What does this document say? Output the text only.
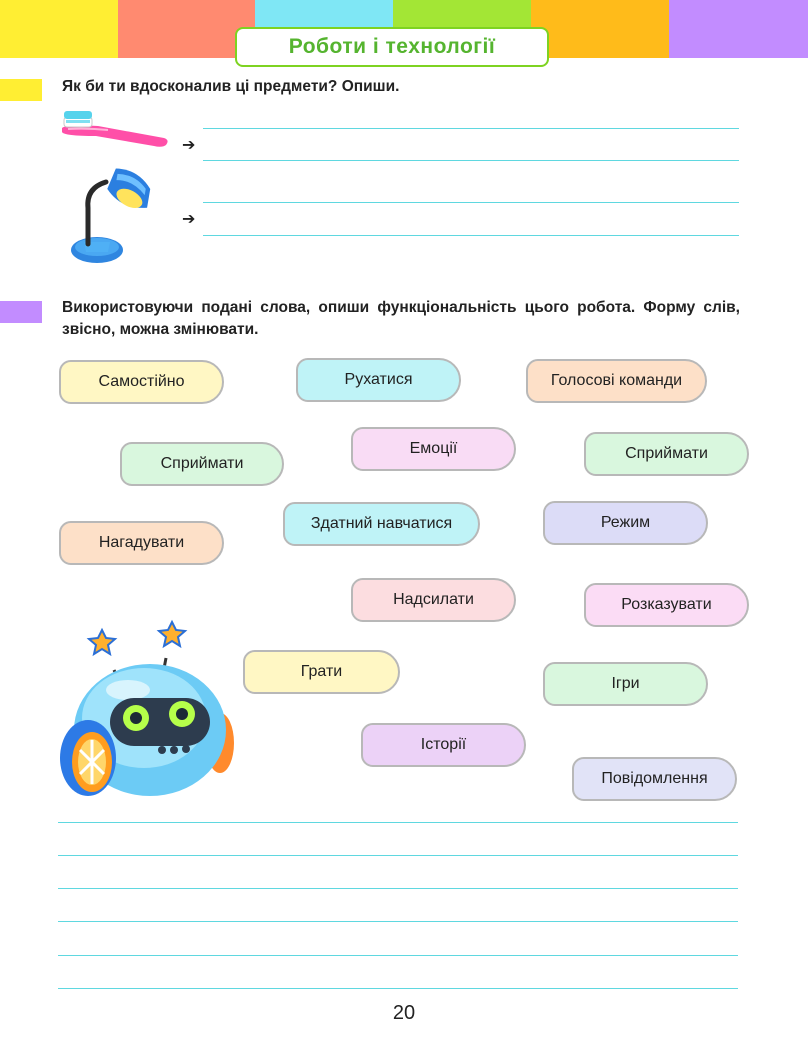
Роботи і технології
Як би ти вдосконалив ці предмети? Опиши.
➔
➔
Використовуючи подані слова, опиши функціональність цього робота. Форму слів, звісно, можна змінювати.
Самостійно	Рухатися	Голосові команди
Сприймати
Емоції	Сприймати
Нагадувати
Здатний навчатися	Режим
Надсилати	Розказувати
Грати
Ігри
Історії
Повідомлення
20
